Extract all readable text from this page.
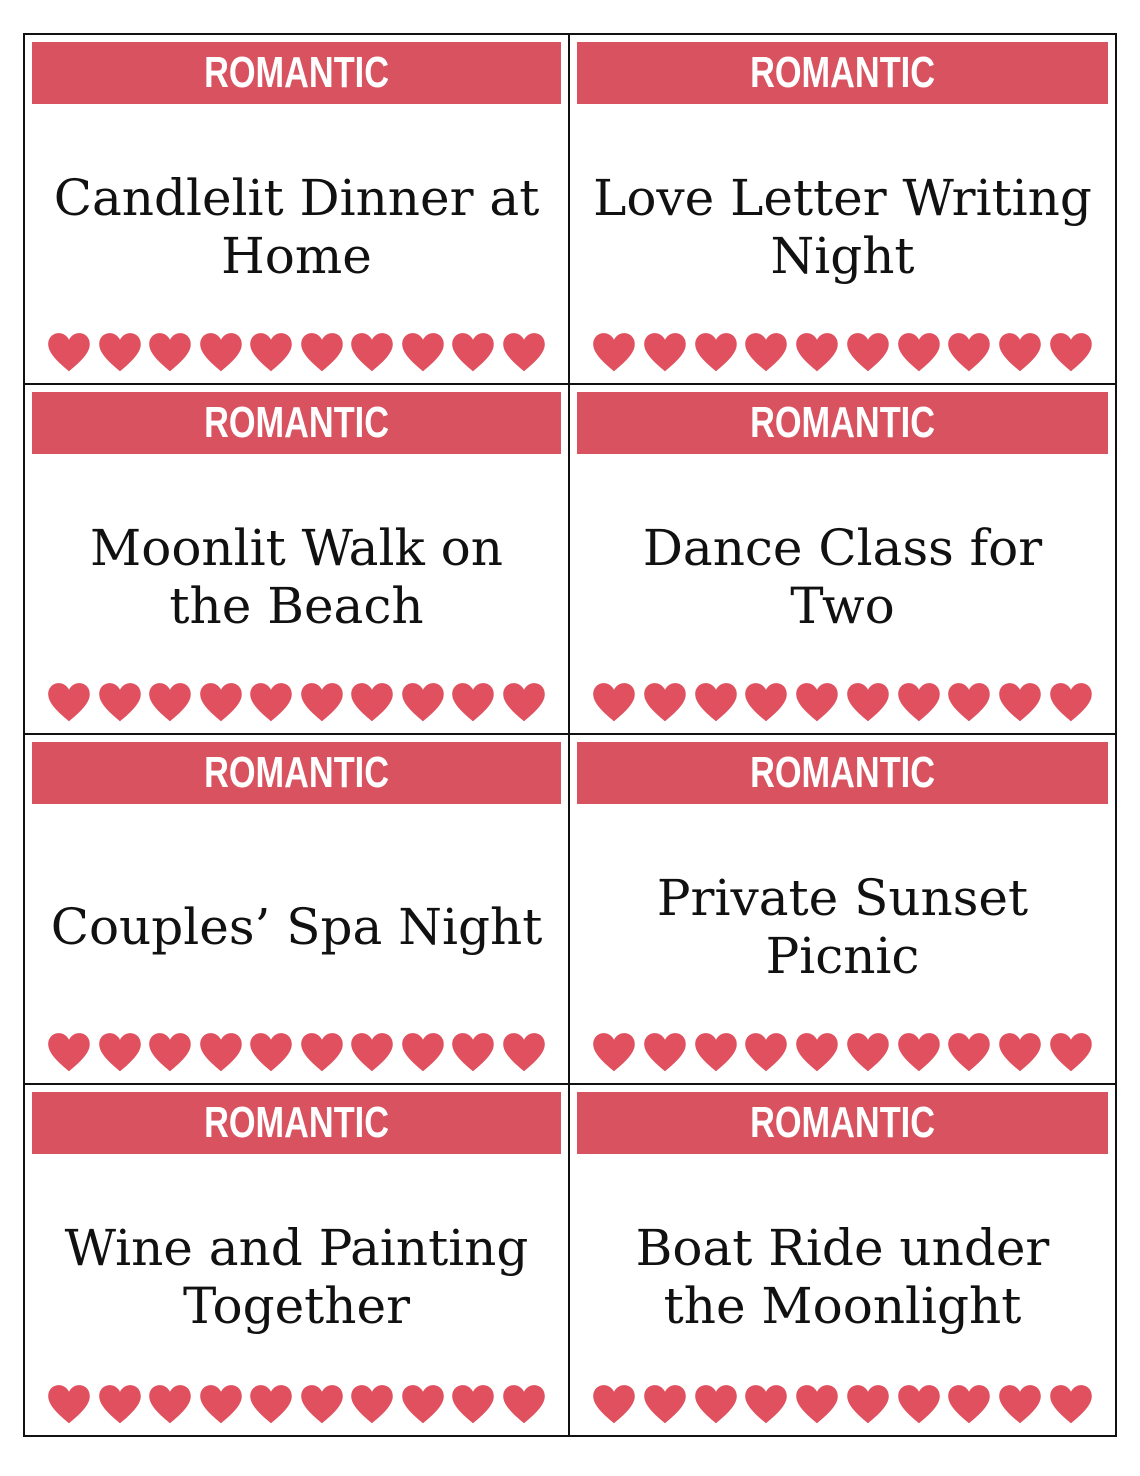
ROMANTIC
Candlelit Dinner at Home
ROMANTIC
Love Letter Writing Night
ROMANTIC
Moonlit Walk on the Beach
ROMANTIC
Dance Class for Two
ROMANTIC
Couples’ Spa Night
ROMANTIC
Private Sunset Picnic
ROMANTIC
Wine and Painting Together
ROMANTIC
Boat Ride under the Moonlight
